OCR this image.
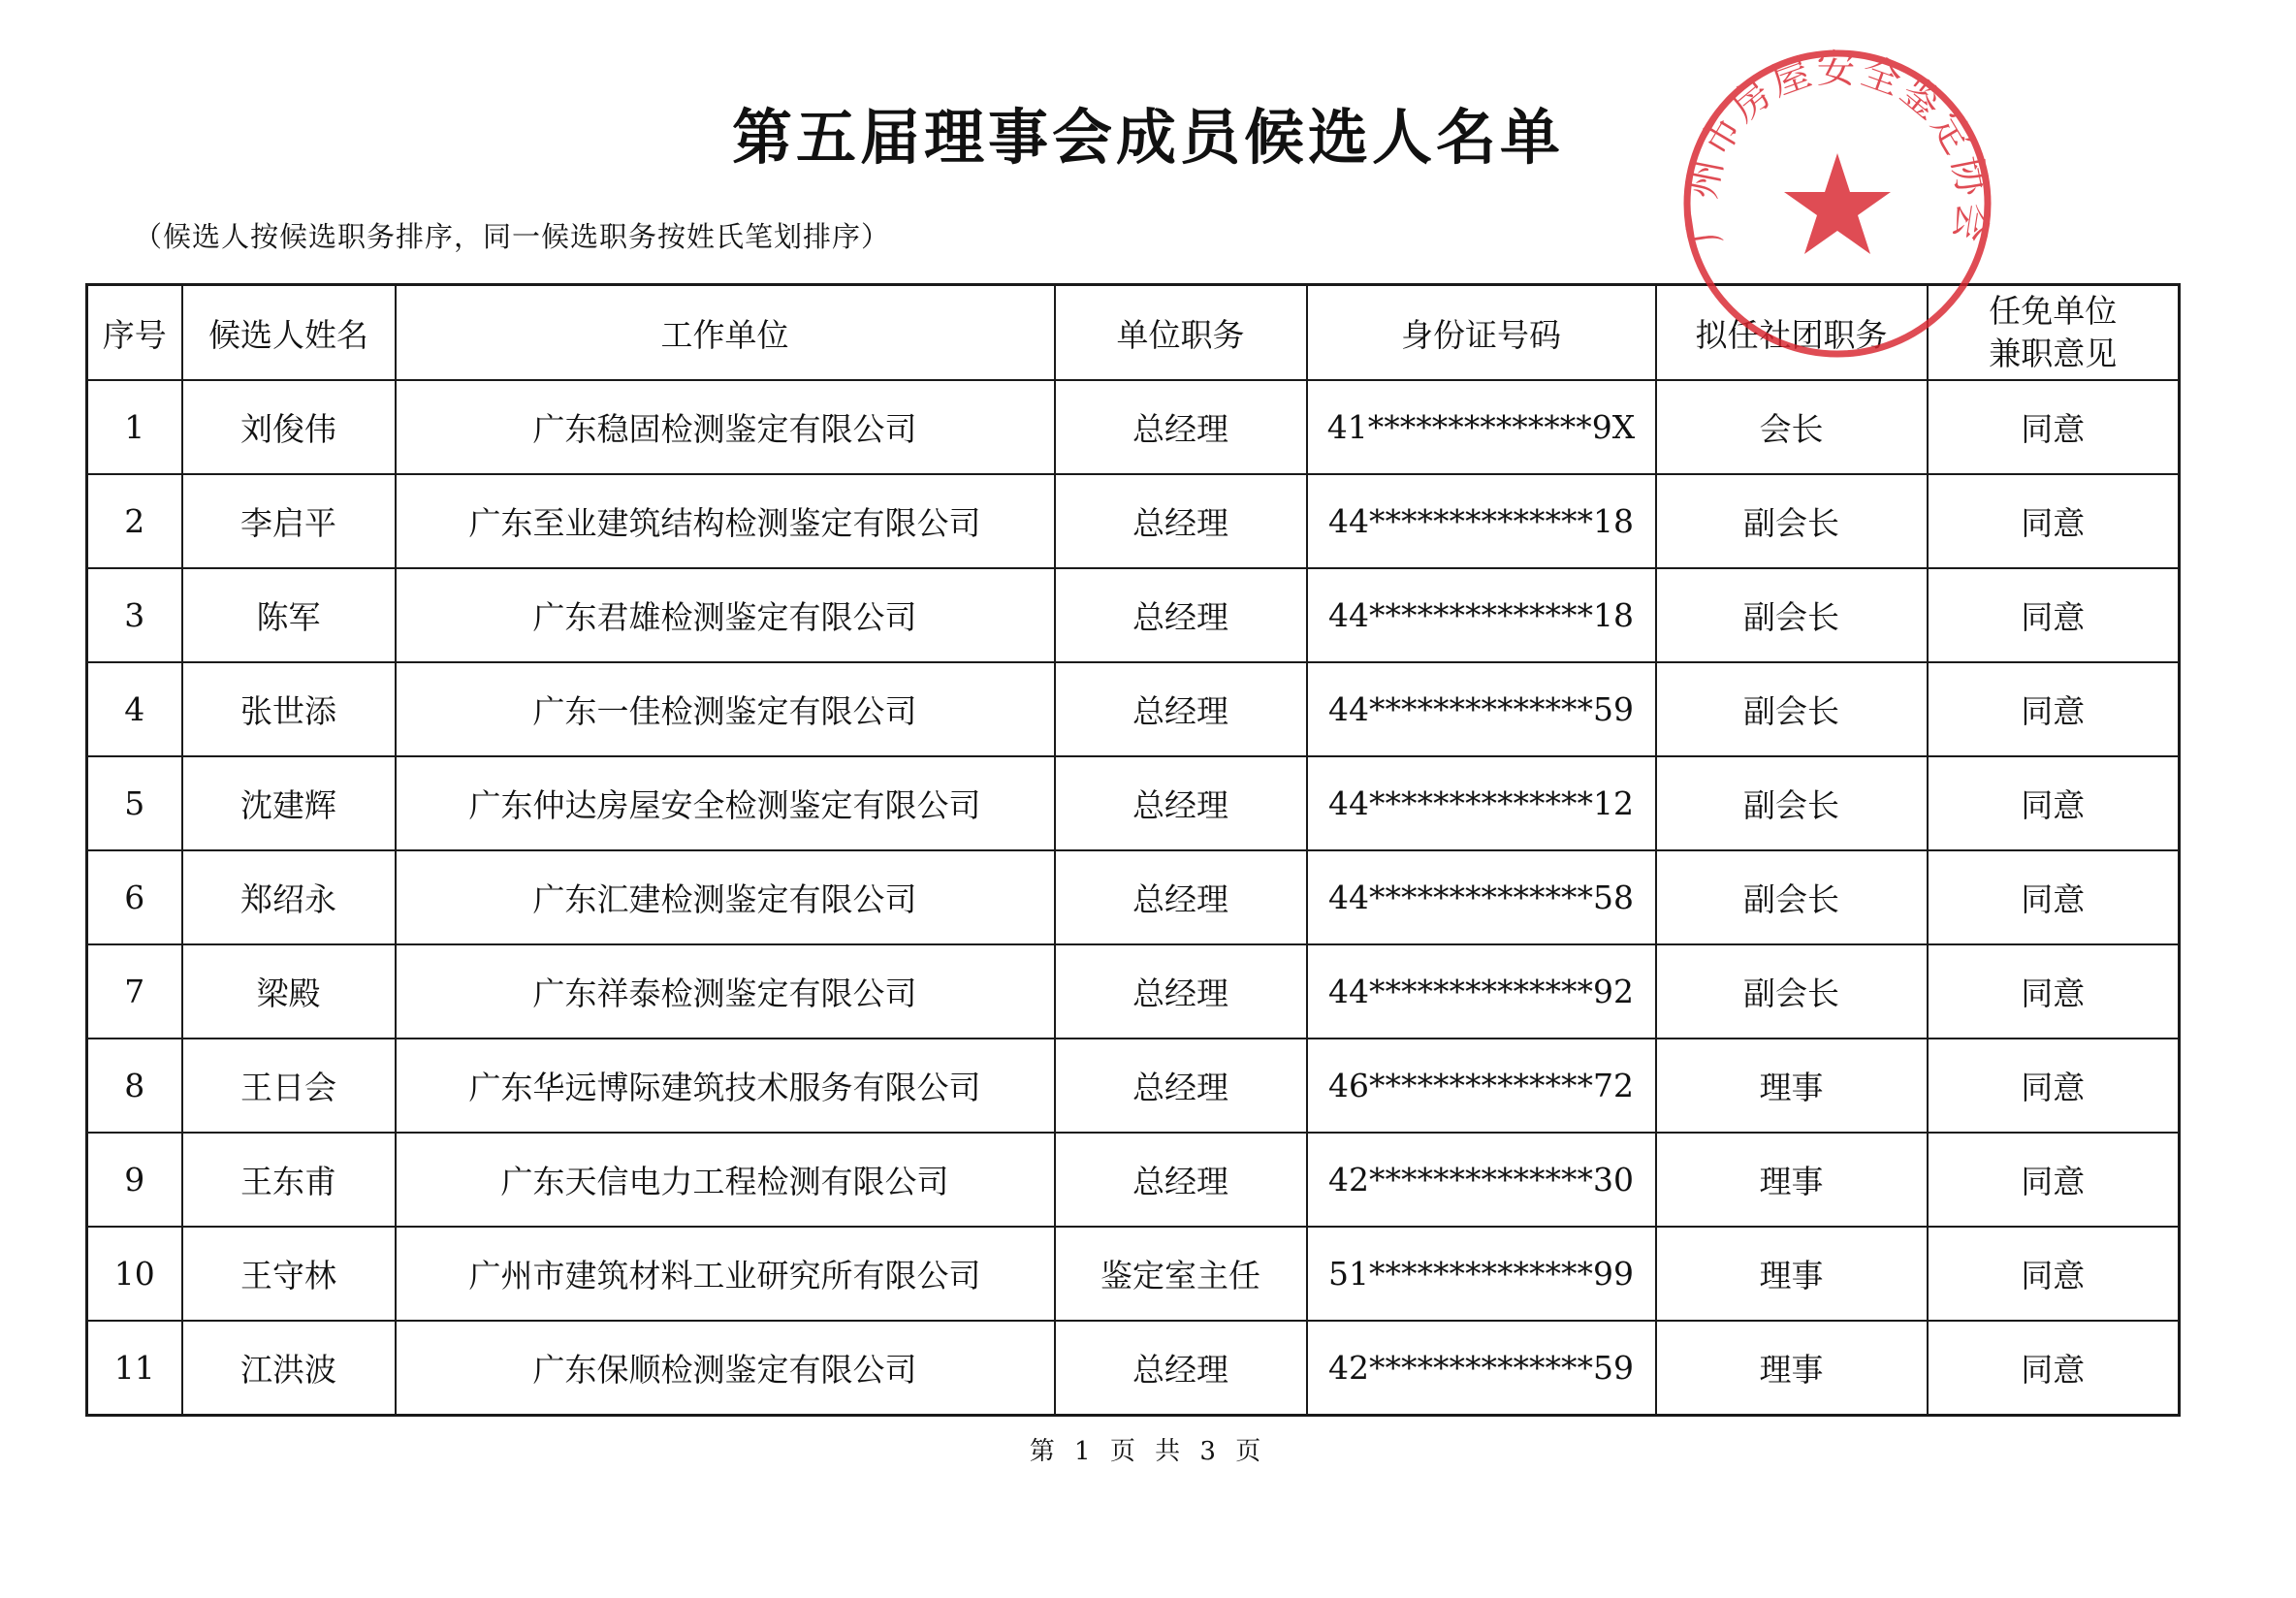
第五届理事会成员候选人名单
（候选人按候选职务排序，同一候选职务按姓氏笔划排序）
序号	候选人姓名	工作单位	单位职务	身份证号码	拟任社团职务	任免单位
兼职意见

1	刘俊伟	广东稳固检测鉴定有限公司	总经理	41**************9X	会长	同意
2	李启平	广东至业建筑结构检测鉴定有限公司	总经理	44**************18	副会长	同意
3	陈军	广东君雄检测鉴定有限公司	总经理	44**************18	副会长	同意
4	张世添	广东一佳检测鉴定有限公司	总经理	44**************59	副会长	同意
5	沈建辉	广东仲达房屋安全检测鉴定有限公司	总经理	44**************12	副会长	同意
6	郑绍永	广东汇建检测鉴定有限公司	总经理	44**************58	副会长	同意
7	梁殿	广东祥泰检测鉴定有限公司	总经理	44**************92	副会长	同意
8	王日会	广东华远博际建筑技术服务有限公司	总经理	46**************72	理事	同意
9	王东甫	广东天信电力工程检测有限公司	总经理	42**************30	理事	同意
10	王守林	广州市建筑材料工业研究所有限公司	鉴定室主任	51**************99	理事	同意
11	江洪波	广东保顺检测鉴定有限公司	总经理	42**************59	理事	同意
第 1 页 共 3 页
广州市房屋安全鉴定协会
